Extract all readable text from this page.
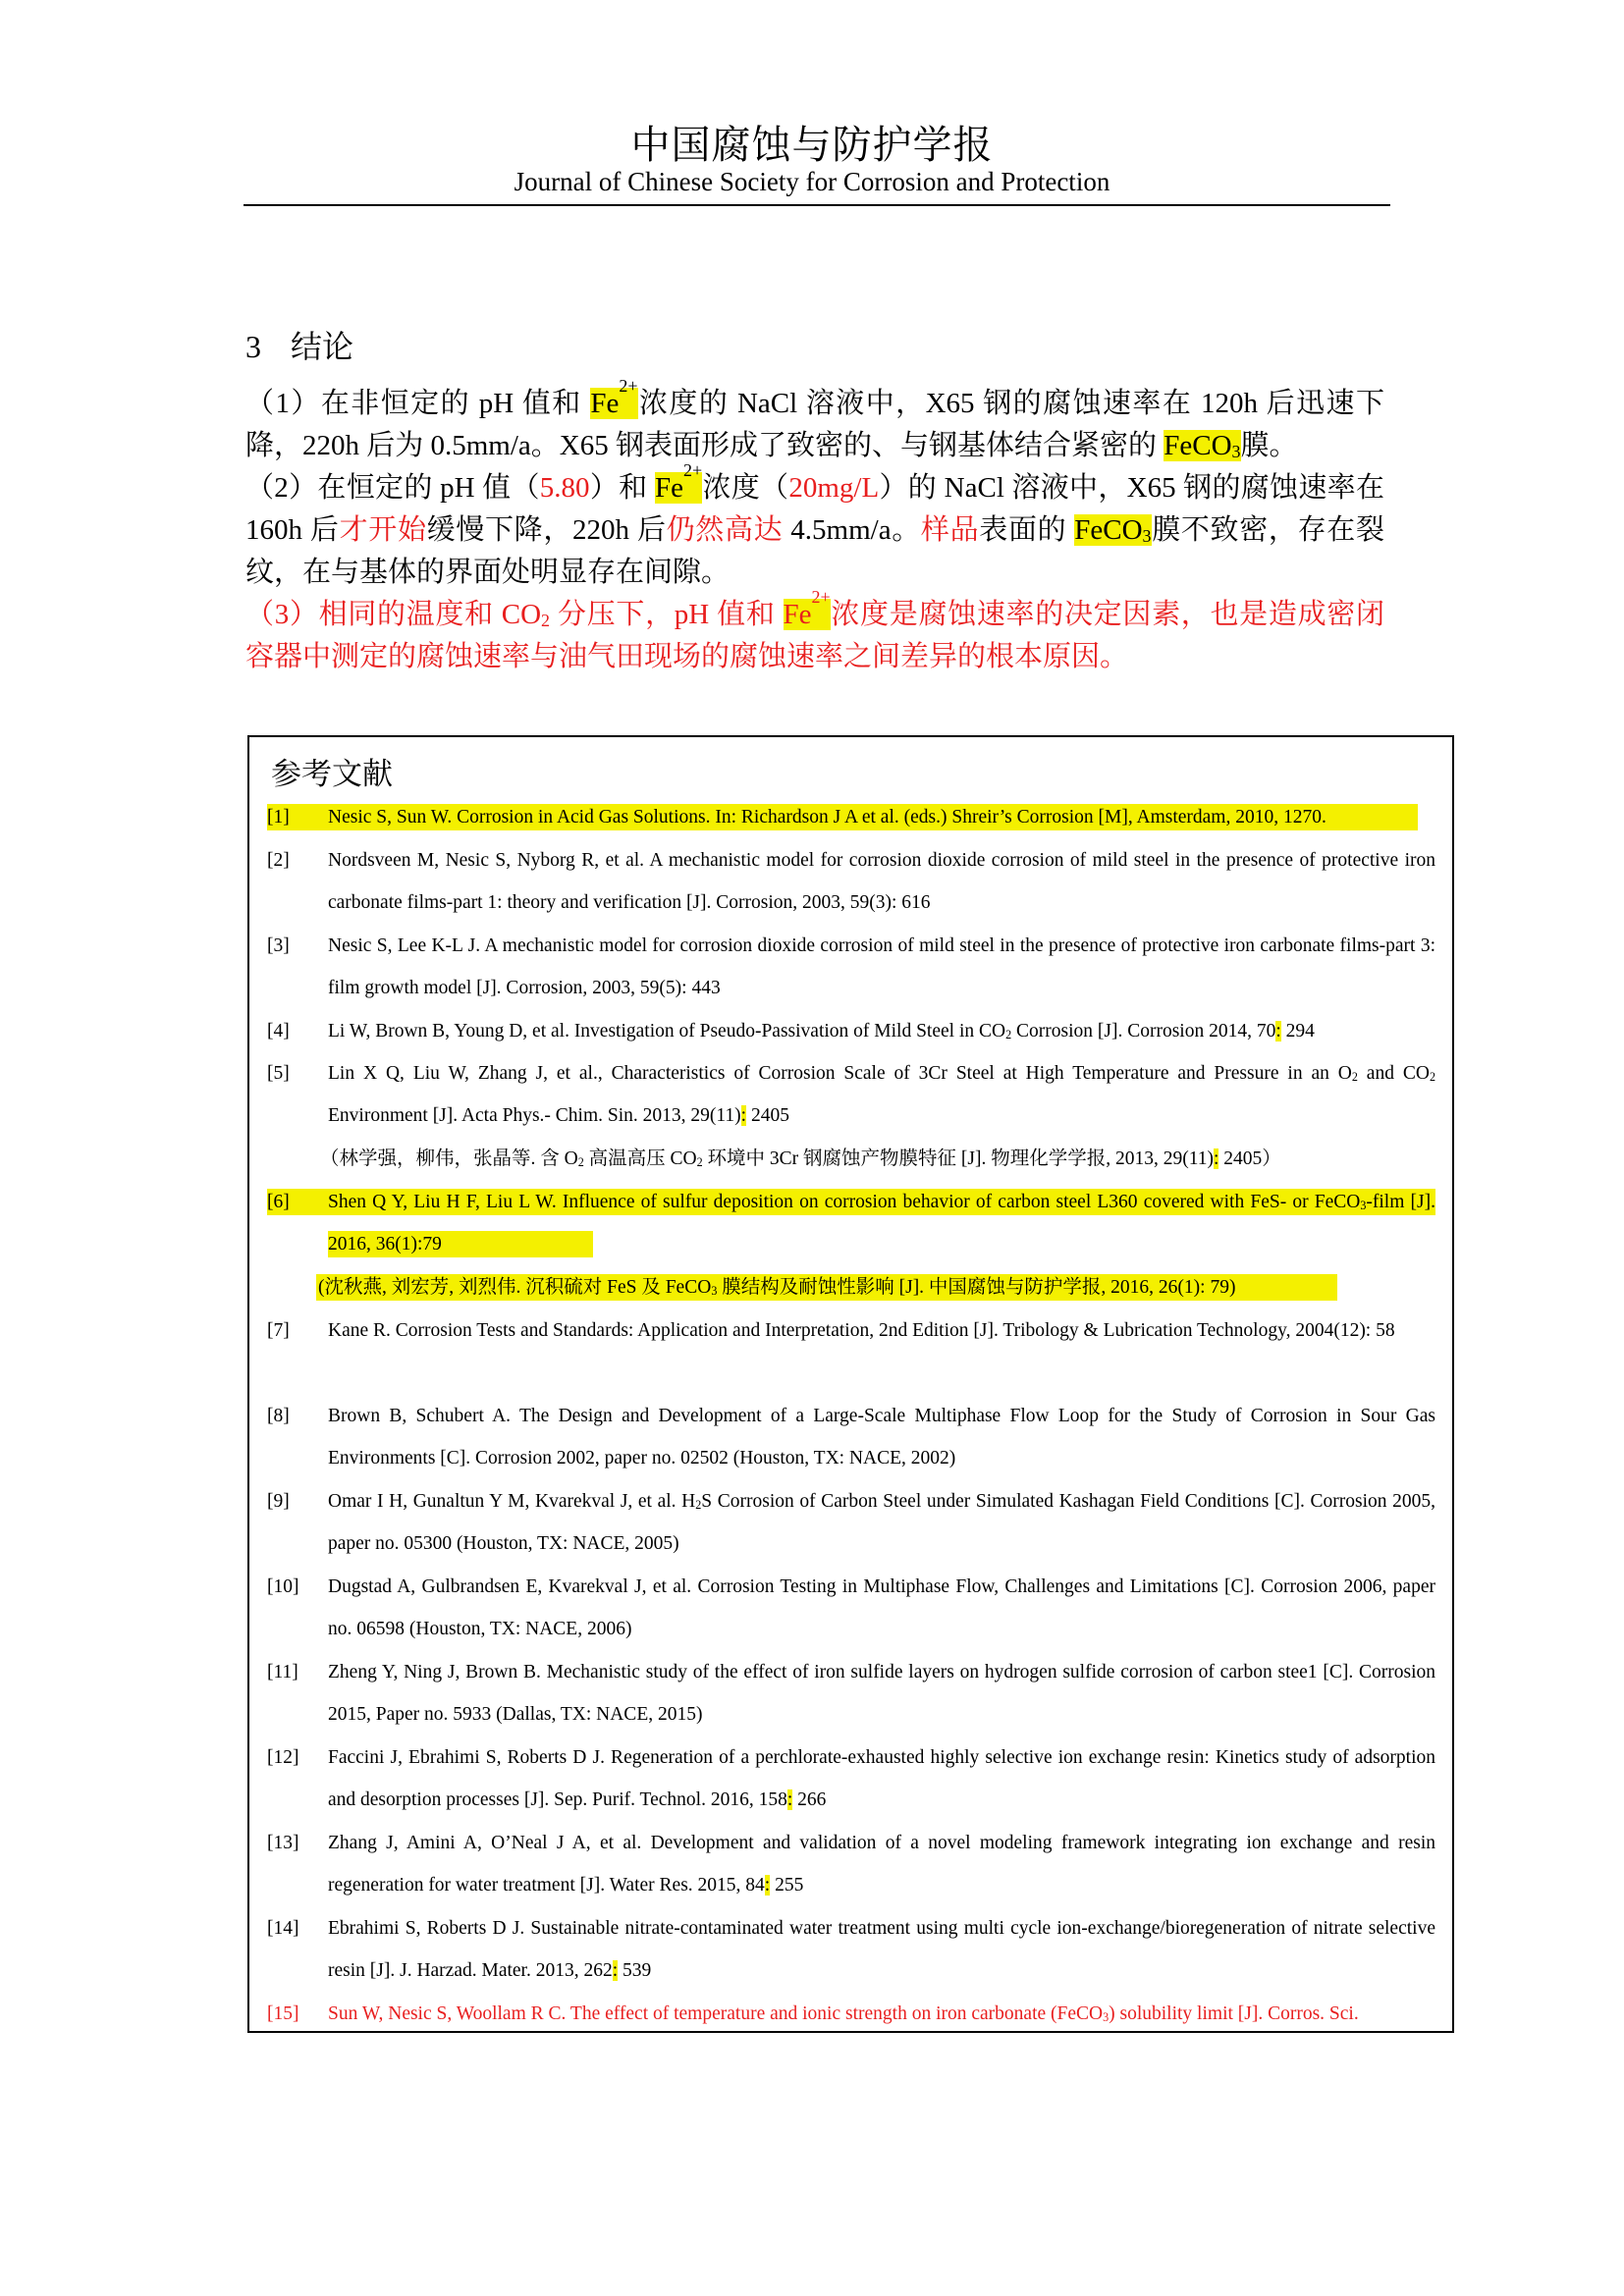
中国腐蚀与防护学报
Journal of Chinese Society for Corrosion and Protection
3 结论
（1）在非恒定的 pH 值和 $Fe^{2+}$浓度的 NaCl 溶液中，X65 钢的腐蚀速率在 120h 后迅速下降，220h 后为 0.5mm/a。X65 钢表面形成了致密的、与钢基体结合紧密的 FeCO$_3$膜。
（2）在恒定的 pH 值（5.80）和 $Fe^{2+}$浓度（20mg/L）的 NaCl 溶液中，X65 钢的腐蚀速率在 160h 后才开始缓慢下降，220h 后仍然高达 4.5mm/a。样品表面的 FeCO$_3$膜不致密，存在裂纹，在与基体的界面处明显存在间隙。
（3）相同的温度和 $CO_2$ 分压下，pH 值和 $Fe^{2+}$浓度是腐蚀速率的决定因素，也是造成密闭容器中测定的腐蚀速率与油气田现场的腐蚀速率之间差异的根本原因。
参考文献
[1]	Nesic S, Sun W. Corrosion in Acid Gas Solutions. In: Richardson J A et al. (eds.) Shreir’s Corrosion [M], Amsterdam, 2010, 1270.
[2]	Nordsveen M, Nesic S, Nyborg R, et al. A mechanistic model for corrosion dioxide corrosion of mild steel in the presence of protective iron carbonate films-part 1: theory and verification [J]. Corrosion, 2003, 59(3): 616
[3]	Nesic S, Lee K-L J. A mechanistic model for corrosion dioxide corrosion of mild steel in the presence of protective iron carbonate films-part 3: film growth model [J]. Corrosion, 2003, 59(5): 443
[4]	Li W, Brown B, Young D, et al. Investigation of Pseudo-Passivation of Mild Steel in $CO_2$ Corrosion [J]. Corrosion 2014, 70: 294
[5]	Lin X Q, Liu W, Zhang J, et al., Characteristics of Corrosion Scale of 3Cr Steel at High Temperature and Pressure in an $O_2$ and $CO_2$ Environment [J]. Acta Phys.- Chim. Sin. 2013, 29(11): 2405
（林学强，柳伟，张晶等. 含 $O_2$ 高温高压 $CO_2$ 环境中 3Cr 钢腐蚀产物膜特征 [J]. 物理化学学报, 2013, 29(11): 2405）
[6]	Shen Q Y, Liu H F, Liu L W. Influence of sulfur deposition on corrosion behavior of carbon steel L360 covered with FeS- or FeCO$_3$-film [J]. 2016, 36(1):79
(沈秋燕, 刘宏芳, 刘烈伟. 沉积硫对 FeS 及 FeCO$_3$ 膜结构及耐蚀性影响 [J]. 中国腐蚀与防护学报, 2016, 26(1): 79)
[7]	Kane R. Corrosion Tests and Standards: Application and Interpretation, 2nd Edition [J]. Tribology & Lubrication Technology, 2004(12): 58
[8]	Brown B, Schubert A. The Design and Development of a Large-Scale Multiphase Flow Loop for the Study of Corrosion in Sour Gas Environments [C]. Corrosion 2002, paper no. 02502 (Houston, TX: NACE, 2002)
[9]	Omar I H, Gunaltun Y M, Kvarekval J, et al. $H_2S$ Corrosion of Carbon Steel under Simulated Kashagan Field Conditions [C]. Corrosion 2005, paper no. 05300 (Houston, TX: NACE, 2005)
[10]	Dugstad A, Gulbrandsen E, Kvarekval J, et al. Corrosion Testing in Multiphase Flow, Challenges and Limitations [C]. Corrosion 2006, paper no. 06598 (Houston, TX: NACE, 2006)
[11]	Zheng Y, Ning J, Brown B. Mechanistic study of the effect of iron sulfide layers on hydrogen sulfide corrosion of carbon stee1 [C]. Corrosion 2015, Paper no. 5933 (Dallas, TX: NACE, 2015)
[12]	Faccini J, Ebrahimi S, Roberts D J. Regeneration of a perchlorate-exhausted highly selective ion exchange resin: Kinetics study of adsorption and desorption processes [J]. Sep. Purif. Technol. 2016, 158: 266
[13]	Zhang J, Amini A, O’Neal J A, et al. Development and validation of a novel modeling framework integrating ion exchange and resin regeneration for water treatment [J]. Water Res. 2015, 84: 255
[14]	Ebrahimi S, Roberts D J. Sustainable nitrate-contaminated water treatment using multi cycle ion-exchange/bioregeneration of nitrate selective resin [J]. J. Harzad. Mater. 2013, 262: 539
[15]	Sun W, Nesic S, Woollam R C. The effect of temperature and ionic strength on iron carbonate (FeCO$_3$) solubility limit [J]. Corros. Sci.
